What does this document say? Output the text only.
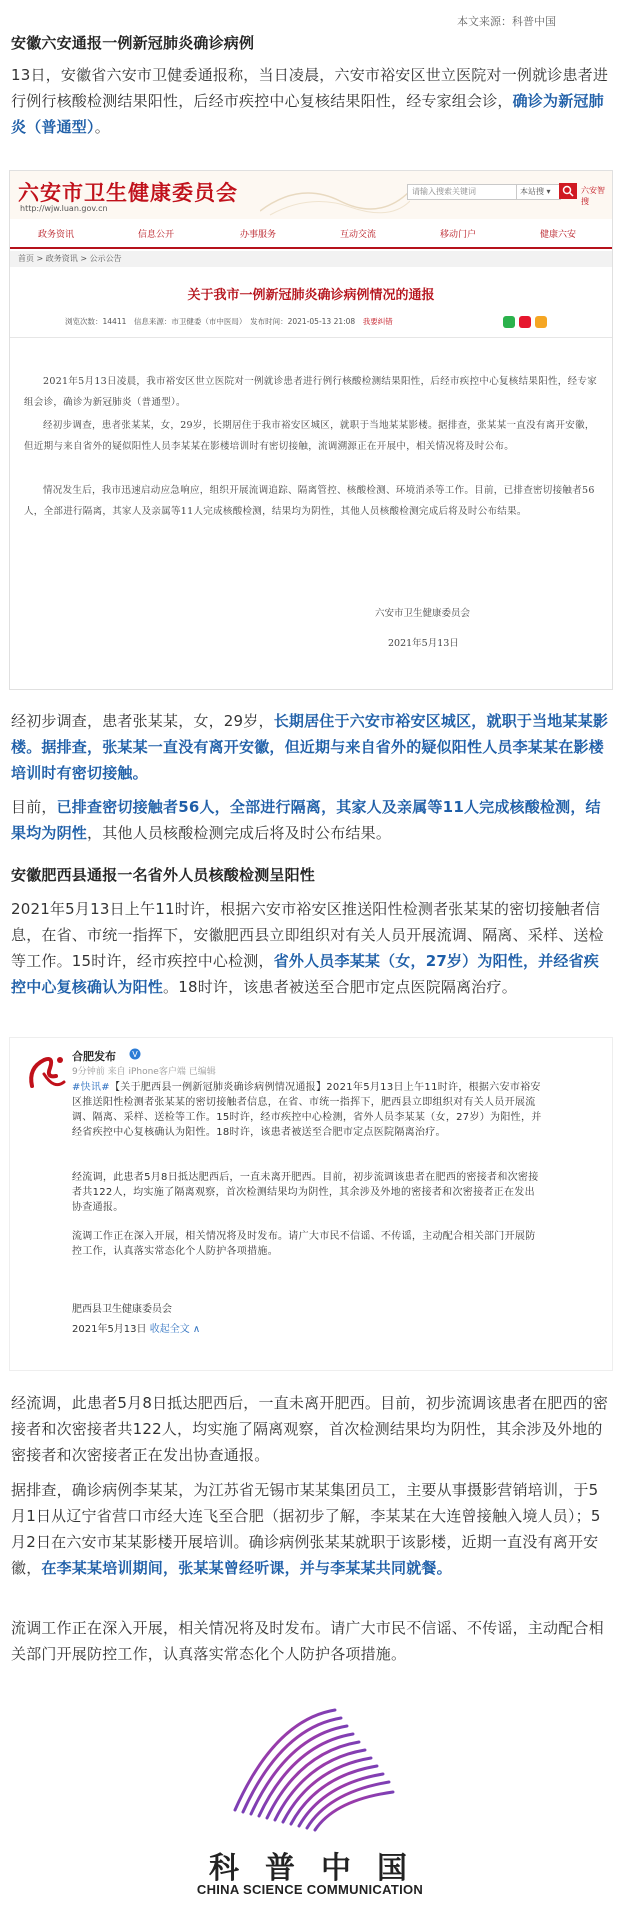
本文来源：科普中国
安徽六安通报一例新冠肺炎确诊病例
13日，安徽省六安市卫健委通报称，当日凌晨，六安市裕安区世立医院对一例就诊患者进行例行核酸检测结果阳性，后经市疾控中心复核结果阳性，经专家组会诊，确诊为新冠肺炎（普通型）。
六安市卫生健康委员会
http://wjw.luan.gov.cn
请输入搜索关键词	本站搜 ▾	六安智搜
政务资讯	信息公开	办事服务	互动交流	移动门户	健康六安
首页 > 政务资讯 > 公示公告
关于我市一例新冠肺炎确诊病例情况的通报
浏览次数：14411　信息来源：市卫健委（市中医局）　发布时间：2021-05-13 21:08　 我要纠错
2021年5月13日凌晨，我市裕安区世立医院对一例就诊患者进行例行核酸检测结果阳性，后经市疾控中心复核结果阳性，经专家组会诊，确诊为新冠肺炎（普通型）。
经初步调查，患者张某某，女，29岁，长期居住于我市裕安区城区，就职于当地某某影楼。据排查，张某某一直没有离开安徽，但近期与来自省外的疑似阳性人员李某某在影楼培训时有密切接触，流调溯源正在开展中，相关情况将及时公布。
情况发生后，我市迅速启动应急响应，组织开展流调追踪、隔离管控、核酸检测、环境消杀等工作。目前，已排查密切接触者56人，全部进行隔离，其家人及亲属等11人完成核酸检测，结果均为阴性，其他人员核酸检测完成后将及时公布结果。
六安市卫生健康委员会
2021年5月13日
经初步调查，患者张某某，女，29岁，长期居住于六安市裕安区城区，就职于当地某某影楼。据排查，张某某一直没有离开安徽，但近期与来自省外的疑似阳性人员李某某在影楼培训时有密切接触。
目前，已排查密切接触者56人，全部进行隔离，其家人及亲属等11人完成核酸检测，结果均为阴性，其他人员核酸检测完成后将及时公布结果。
安徽肥西县通报一名省外人员核酸检测呈阳性
2021年5月13日上午11时许，根据六安市裕安区推送阳性检测者张某某的密切接触者信息，在省、市统一指挥下，安徽肥西县立即组织对有关人员开展流调、隔离、采样、送检等工作。15时许，经市疾控中心检测，省外人员李某某（女，27岁）为阳性，并经省疾控中心复核确认为阳性。18时许，该患者被送至合肥市定点医院隔离治疗。
合肥发布 V
9分钟前 来自 iPhone客户端 已编辑
#快讯#【关于肥西县一例新冠肺炎确诊病例情况通报】2021年5月13日上午11时许，根据六安市裕安区推送阳性检测者张某某的密切接触者信息，在省、市统一指挥下，肥西县立即组织对有关人员开展流调、隔离、采样、送检等工作。15时许，经市疾控中心检测，省外人员李某某（女，27岁）为阳性，并经省疾控中心复核确认为阳性。18时许，该患者被送至合肥市定点医院隔离治疗。
经流调，此患者5月8日抵达肥西后，一直未离开肥西。目前，初步流调该患者在肥西的密接者和次密接者共122人，均实施了隔离观察，首次检测结果均为阴性，其余涉及外地的密接者和次密接者正在发出协查通报。
流调工作正在深入开展，相关情况将及时发布。请广大市民不信谣、不传谣，主动配合相关部门开展防控工作，认真落实常态化个人防护各项措施。
肥西县卫生健康委员会
2021年5月13日 收起全文 ∧
经流调，此患者5月8日抵达肥西后，一直未离开肥西。目前，初步流调该患者在肥西的密接者和次密接者共122人，均实施了隔离观察，首次检测结果均为阴性，其余涉及外地的密接者和次密接者正在发出协查通报。
据排查，确诊病例李某某，为江苏省无锡市某某集团员工，主要从事摄影营销培训，于5月1日从辽宁省营口市经大连飞至合肥（据初步了解，李某某在大连曾接触入境人员）；5月2日在六安市某某影楼开展培训。确诊病例张某某就职于该影楼，近期一直没有离开安徽，在李某某培训期间，张某某曾经听课，并与李某某共同就餐。
流调工作正在深入开展，相关情况将及时发布。请广大市民不信谣、不传谣，主动配合相关部门开展防控工作，认真落实常态化个人防护各项措施。
科普中国
CHINA SCIENCE COMMUNICATION
